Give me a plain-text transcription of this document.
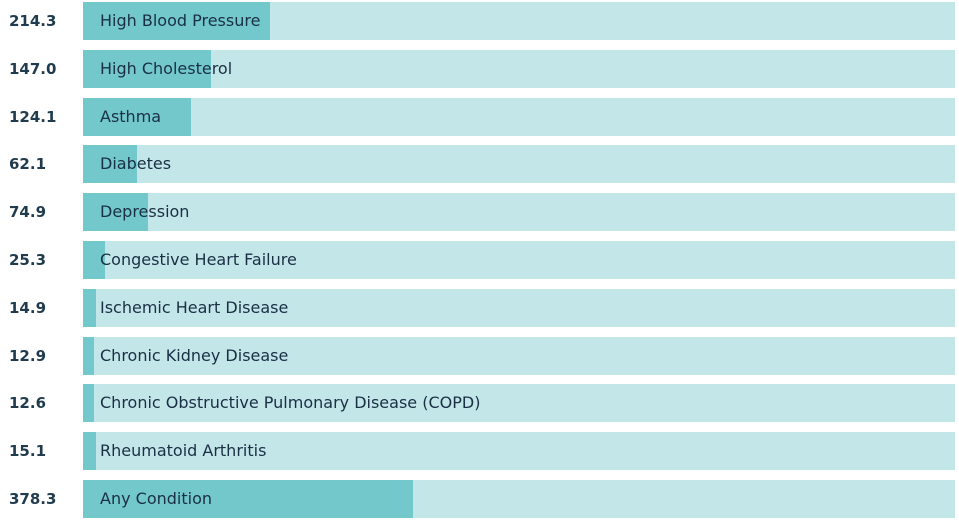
214.3	High Blood Pressure
147.0	High Cholesterol
124.1	Asthma
62.1	Diabetes
74.9	Depression
25.3	Congestive Heart Failure
14.9	Ischemic Heart Disease
12.9	Chronic Kidney Disease
12.6	Chronic Obstructive Pulmonary Disease (COPD)
15.1	Rheumatoid Arthritis
378.3	Any Condition
